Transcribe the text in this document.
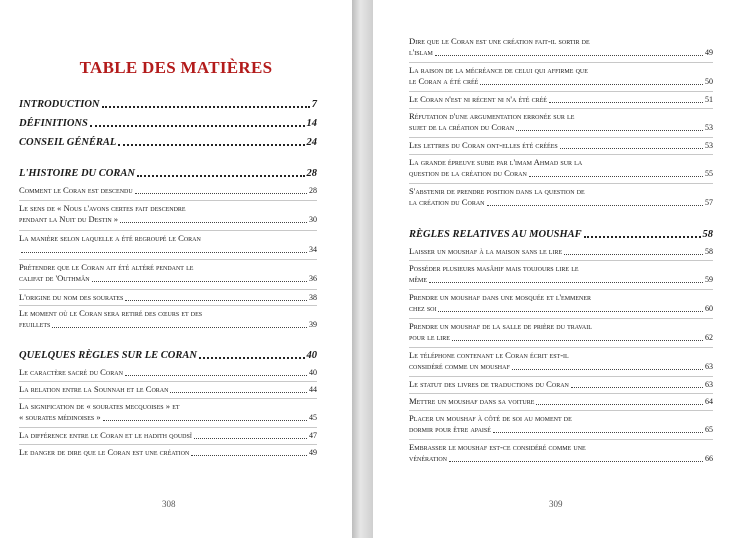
TABLE DES MATIÈRES
INTRODUCTION	7
DÉFINITIONS	14
CONSEIL GÉNÉRAL	24
L'HISTOIRE DU CORAN	28
Comment le Coran est descendu	28
Le sens de « Nous l'avons certes fait descendre
pendant la Nuit du Destin »	30
La manière selon laquelle a été regroupé le Coran
34
Prétendre que le Coran ait été altéré pendant le
califat de 'Outhmân	36
L'origine du nom des sourates	38
Le moment où le Coran sera retiré des cœurs et des
feuillets	39
QUELQUES RÈGLES SUR LE CORAN	40
Le caractère sacré du Coran	40
La relation entre la Sounnah et le Coran	44
La signification de « sourates mecquoises » et
« sourates médinoises »	45
La différence entre le Coran et le hadith qoudsî	47
Le danger de dire que le Coran est une création	49
308
Dire que le Coran est une création fait-il sortir de
l'islam	49
La raison de la mécréance de celui qui affirme que
le Coran a été créé	50
Le Coran n'est ni récent ni n'a été créé	51
Réfutation d'une argumentation erronée sur le
sujet de la création du Coran	53
Les lettres du Coran ont-elles été créées	53
La grande épreuve subie par l'imam Ahmad sur la
question de la création du Coran	55
S'abstenir de prendre position dans la question de
la création du Coran	57
RÈGLES RELATIVES AU MOUSHAF	58
Laisser un moushaf à la maison sans le lire	58
Posséder plusieurs masâhif mais toujours lire le
même	59
Prendre un moushaf dans une mosquée et l'emmener
chez soi	60
Prendre un moushaf de la salle de prière du travail
pour le lire	62
Le téléphone contenant le Coran écrit est-il
considéré comme un moushaf	63
Le statut des livres de traductions du Coran	63
Mettre un moushaf dans sa voiture	64
Placer un moushaf à côté de soi au moment de
dormir pour être apaisé	65
Embrasser le moushaf est-ce considéré comme une
vénération	66
309
